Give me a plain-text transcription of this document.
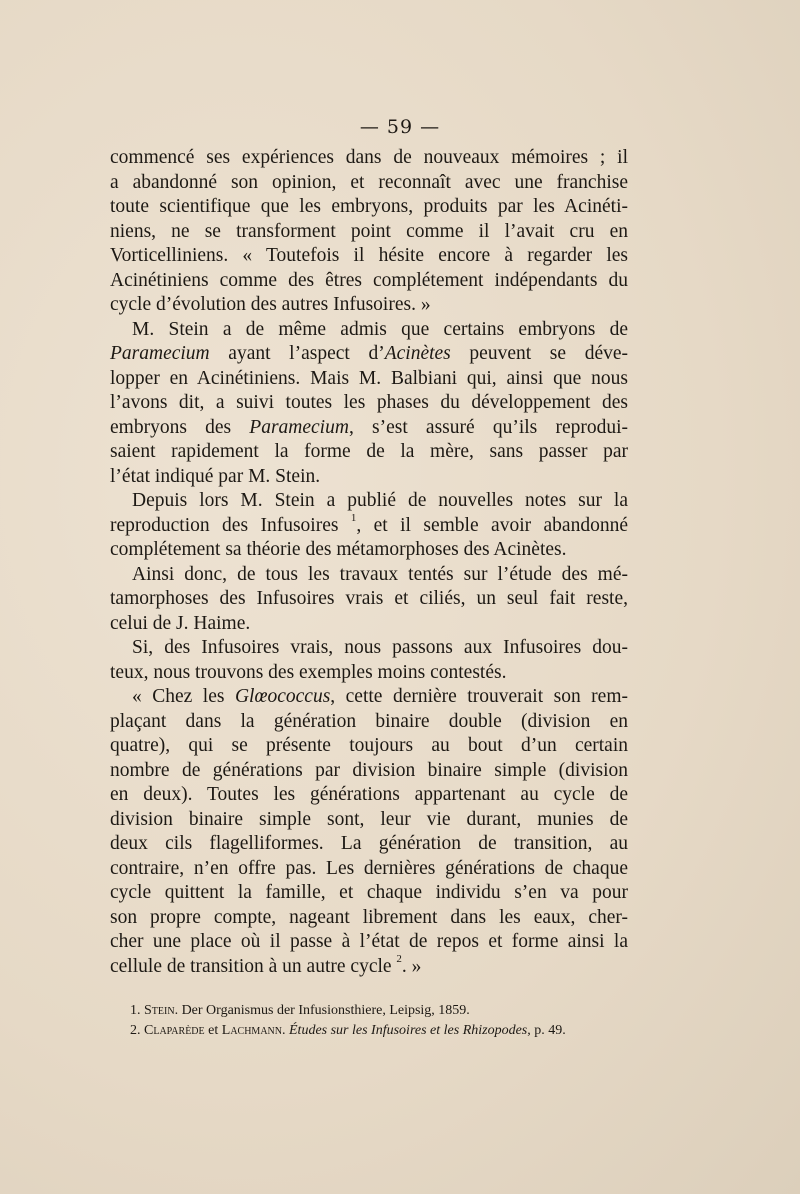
— 59 —
commencé ses expériences dans de nouveaux mémoires ; il
a abandonné son opinion, et reconnaît avec une franchise
toute scientifique que les embryons, produits par les Acinéti-
niens, ne se transforment point comme il l’avait cru en
Vorticelliniens. « Toutefois il hésite encore à regarder les
Acinétiniens comme des êtres complétement indépendants du
cycle d’évolution des autres Infusoires. »
M. Stein a de même admis que certains embryons de
Paramecium ayant l’aspect d’Acinètes peuvent se déve-
lopper en Acinétiniens. Mais M. Balbiani qui, ainsi que nous
l’avons dit, a suivi toutes les phases du développement des
embryons des Paramecium, s’est assuré qu’ils reprodui-
saient rapidement la forme de la mère, sans passer par
l’état indiqué par M. Stein.
Depuis lors M. Stein a publié de nouvelles notes sur la
reproduction des Infusoires $^1$, et il semble avoir abandonné
complétement sa théorie des métamorphoses des Acinètes.
Ainsi donc, de tous les travaux tentés sur l’étude des mé-
tamorphoses des Infusoires vrais et ciliés, un seul fait reste,
celui de J. Haime.
Si, des Infusoires vrais, nous passons aux Infusoires dou-
teux, nous trouvons des exemples moins contestés.
« Chez les Glœococcus, cette dernière trouverait son rem-
plaçant dans la génération binaire double (division en
quatre), qui se présente toujours au bout d’un certain
nombre de générations par division binaire simple (division
en deux). Toutes les générations appartenant au cycle de
division binaire simple sont, leur vie durant, munies de
deux cils flagelliformes. La génération de transition, au
contraire, n’en offre pas. Les dernières générations de chaque
cycle quittent la famille, et chaque individu s’en va pour
son propre compte, nageant librement dans les eaux, cher-
cher une place où il passe à l’état de repos et forme ainsi la
cellule de transition à un autre cycle $^2$. »
1. Stein. Der Organismus der Infusionsthiere, Leipsig, 1859.
2. Claparède et Lachmann. Études sur les Infusoires et les Rhizopodes, p. 49.
